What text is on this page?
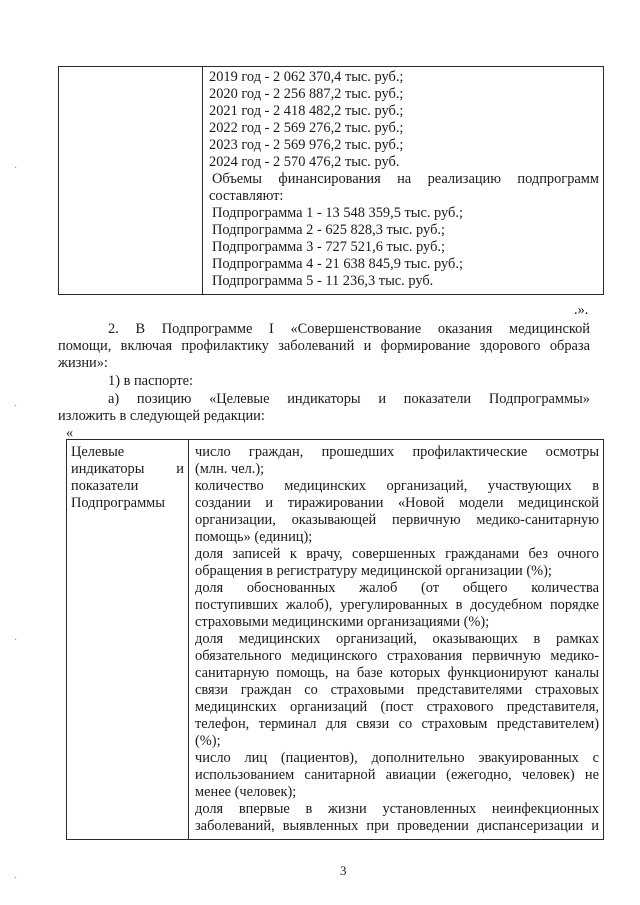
2019 год - 2 062 370,4 тыс. руб.;
2020 год - 2 256 887,2 тыс. руб.;
2021 год - 2 418 482,2 тыс. руб.;
2022 год - 2 569 276,2 тыс. руб.;
2023 год - 2 569 976,2 тыс. руб.;
2024 год - 2 570 476,2 тыс. руб.
Объемы финансирования на реализацию подпрограмм
составляют:
Подпрограмма 1 - 13 548 359,5 тыс. руб.;
Подпрограмма 2 - 625 828,3 тыс. руб.;
Подпрограмма 3 - 727 521,6 тыс. руб.;
Подпрограмма 4 - 21 638 845,9 тыс. руб.;
Подпрограмма 5 - 11 236,3 тыс. руб.
.».
2. В Подпрограмме I «Совершенствование оказания медицинской
помощи, включая профилактику заболеваний и формирование здорового образа
жизни»:
1) в паспорте:
а) позицию «Целевые индикаторы и показатели Подпрограммы»
изложить в следующей редакции:
«
Целевые
индикаторы и
показатели
Подпрограммы

число граждан, прошедших профилактические осмотры
(млн. чел.);
количество медицинских организаций, участвующих в
создании и тиражировании «Новой модели медицинской
организации, оказывающей первичную медико-санитарную
помощь» (единиц);
доля записей к врачу, совершенных гражданами без очного
обращения в регистратуру медицинской организации (%);
доля обоснованных жалоб (от общего количества
поступивших жалоб), урегулированных в досудебном порядке
страховыми медицинскими организациями (%);
доля медицинских организаций, оказывающих в рамках
обязательного медицинского страхования первичную медико-
санитарную помощь, на базе которых функционируют каналы
связи граждан со страховыми представителями страховых
медицинских организаций (пост страхового представителя,
телефон, терминал для связи со страховым представителем)
(%);
число лиц (пациентов), дополнительно эвакуированных с
использованием санитарной авиации (ежегодно, человек) не
менее (человек);
доля впервые в жизни установленных неинфекционных
заболеваний, выявленных при проведении диспансеризации и
3
·
·
·
·
